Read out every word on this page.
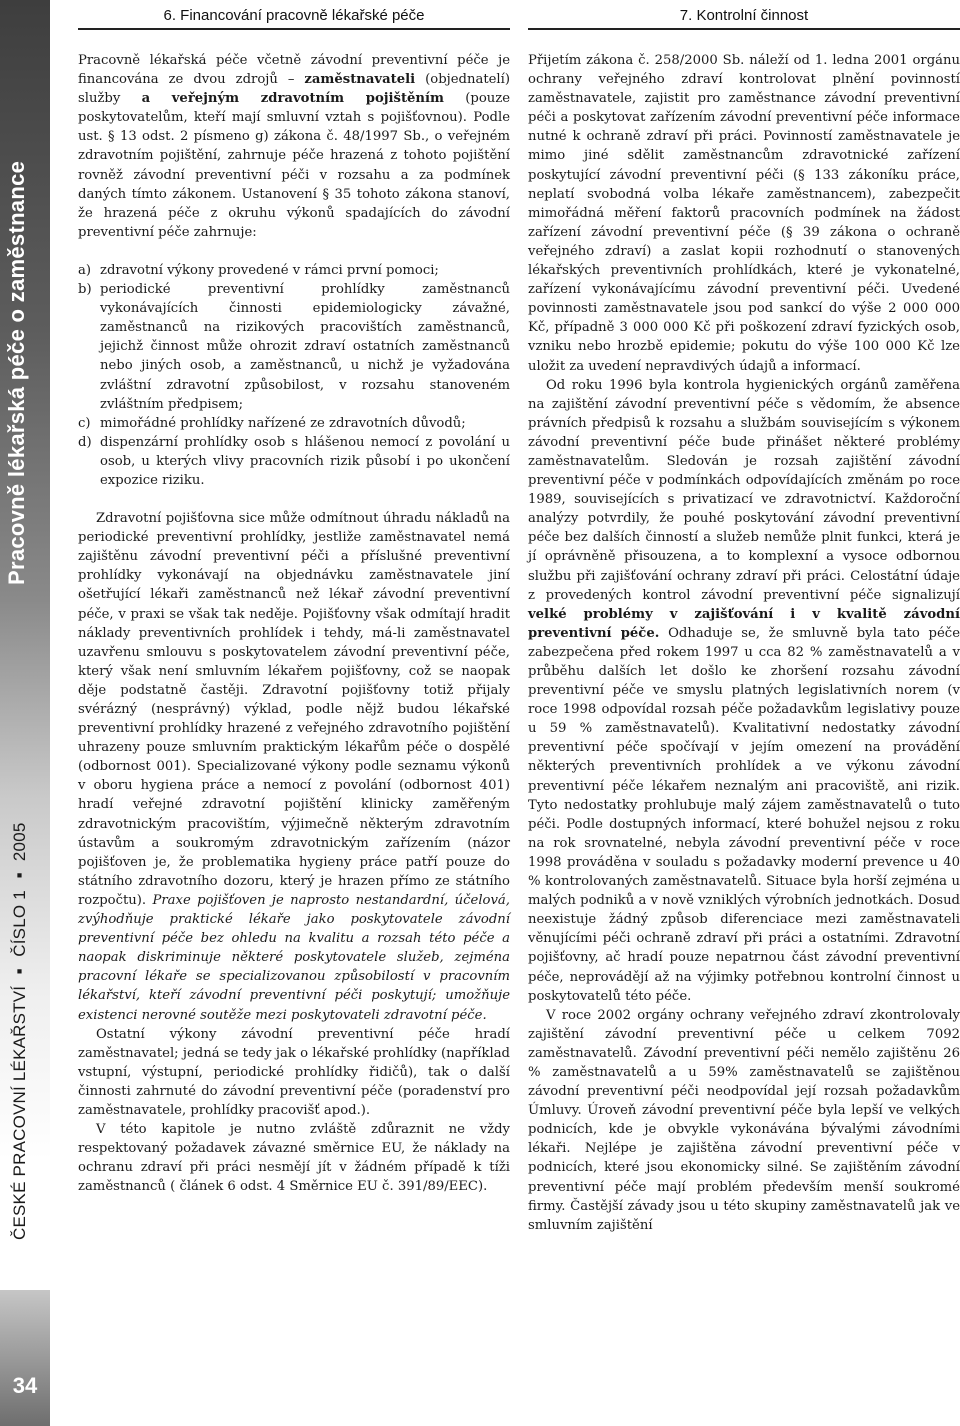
Pracovně lékařská péče o zaměstnance
ČESKÉ PRACOVNÍ LÉKAŘSTVÍ ▪ ČÍSLO 1 ▪ 2005
34
6. Financování pracovně lékařské péče

Pracovně lékařská péče včetně závodní preventivní péče je financována ze dvou zdrojů – zaměstnavateli (objednatelí) služby a veřejným zdravotním pojištěním (pouze poskytovatelům, kteří mají smluvní vztah s pojišťovnou). Podle ust. § 13 odst. 2 písmeno g) zákona č. 48/1997 Sb., o veřejném zdravotním pojištění, zahrnuje péče hrazená z tohoto pojištění rovněž závodní preventivní péči v rozsahu a za podmínek daných tímto zákonem. Ustanovení § 35 tohoto zákona stanoví, že hrazená péče z okruhu výkonů spadajících do závodní preventivní péče zahrnuje:

a) zdravotní výkony provedené v rámci první pomoci;
b) periodické preventivní prohlídky zaměstnanců vykonávajících činnosti epidemiologicky závažné, zaměstnanců na rizikových pracovištích zaměstnanců, jejichž činnost může ohrozit zdraví ostatních zaměstnanců nebo jiných osob, a zaměstnanců, u nichž je vyžadována zvláštní zdravotní způsobilost, v rozsahu stanoveném zvláštním předpisem;
c) mimořádné prohlídky nařízené ze zdravotních důvodů;
d) dispenzární prohlídky osob s hlášenou nemocí z povolání u osob, u kterých vlivy pracovních rizik působí i po ukončení expozice riziku.

Zdravotní pojišťovna sice může odmítnout úhradu nákladů na periodické preventivní prohlídky, jestliže zaměstnavatel nemá zajištěnu závodní preventivní péči a příslušné preventivní prohlídky vykonávají na objednávku zaměstnavatele jiní ošetřující lékaři zaměstnanců než lékař závodní preventivní péče, v praxi se však tak neděje. Pojišťovny však odmítají hradit náklady preventivních prohlídek i tehdy, má-li zaměstnavatel uzavřenu smlouvu s poskytovatelem závodní preventivní péče, který však není smluvním lékařem pojišťovny, což se naopak děje podstatně častěji. Zdravotní pojišťovny totiž přijaly svérázný (nesprávný) výklad, podle nějž budou lékařské preventivní prohlídky hrazené z veřejného zdravotního pojištění uhrazeny pouze smluvním praktickým lékařům péče o dospělé (odbornost 001). Specializované výkony podle seznamu výkonů v oboru hygiena práce a nemocí z povolání (odbornost 401) hradí veřejné zdravotní pojištění klinicky zaměřeným zdravotnickým pracovištím, výjimečně některým zdravotním ústavům a soukromým zdravotnickým zařízením (názor pojišťoven je, že problematika hygieny práce patří pouze do státního zdravotního dozoru, který je hrazen přímo ze státního rozpočtu). Praxe pojišťoven je naprosto nestandardní, účelová, zvýhodňuje praktické lékaře jako poskytovatele závodní preventivní péče bez ohledu na kvalitu a rozsah této péče a naopak diskriminuje některé poskytovatele služeb, zejména pracovní lékaře se specializovanou způsobilostí v pracovním lékařství, kteří závodní preventivní péči poskytují; umožňuje existenci nerovné soutěže mezi poskytovateli zdravotní péče.

Ostatní výkony závodní preventivní péče hradí zaměstnavatel; jedná se tedy jak o lékařské prohlídky (například vstupní, výstupní, periodické prohlídky řidičů), tak o další činnosti zahrnuté do závodní preventivní péče (poradenství pro zaměstnavatele, prohlídky pracovišť apod.).

V této kapitole je nutno zvláště zdůraznit ne vždy respektovaný požadavek závazné směrnice EU, že náklady na ochranu zdraví při práci nesmějí jít v žádném případě k tíži zaměstnanců ( článek 6 odst. 4 Směrnice EU č. 391/89/EEC).

7. Kontrolní činnost

Přijetím zákona č. 258/2000 Sb. náleží od 1. ledna 2001 orgánu ochrany veřejného zdraví kontrolovat plnění povinností zaměstnavatele, zajistit pro zaměstnance závodní preventivní péči a poskytovat zařízením závodní preventivní péče informace nutné k ochraně zdraví při práci. Povinností zaměstnavatele je mimo jiné sdělit zaměstnancům zdravotnické zařízení poskytující závodní preventivní péči (§ 133 zákoníku práce, neplatí svobodná volba lékaře zaměstnancem), zabezpečit mimořádná měření faktorů pracovních podmínek na žádost zařízení závodní preventivní péče (§ 39 zákona o ochraně veřejného zdraví) a zaslat kopii rozhodnutí o stanovených lékařských preventivních prohlídkách, které je vykonatelné, zařízení vykonávajícímu závodní preventivní péči. Uvedené povinnosti zaměstnavatele jsou pod sankcí do výše 2 000 000 Kč, případně 3 000 000 Kč při poškození zdraví fyzických osob, vzniku nebo hrozbě epidemie; pokutu do výše 100 000 Kč lze uložit za uvedení nepravdivých údajů a informací.

Od roku 1996 byla kontrola hygienických orgánů zaměřena na zajištění závodní preventivní péče s vědomím, že absence právních předpisů k rozsahu a službám souvisejícím s výkonem závodní preventivní péče bude přinášet některé problémy zaměstnavatelům. Sledován je rozsah zajištění závodní preventivní péče v podmínkách odpovídajících změnám po roce 1989, souvisejících s privatizací ve zdravotnictví. Každoroční analýzy potvrdily, že pouhé poskytování závodní preventivní péče bez dalších činností a služeb nemůže plnit funkci, která je jí oprávněně přisouzena, a to komplexní a vysoce odbornou službu při zajišťování ochrany zdraví při práci. Celostátní údaje z provedených kontrol závodní preventivní péče signalizují velké problémy v zajišťování i v kvalitě závodní preventivní péče. Odhaduje se, že smluvně byla tato péče zabezpečena před rokem 1997 u cca 82 % zaměstnavatelů a v průběhu dalších let došlo ke zhoršení rozsahu závodní preventivní péče ve smyslu platných legislativních norem (v roce 1998 odpovídal rozsah péče požadavkům legislativy pouze u 59 % zaměstnavatelů). Kvalitativní nedostatky závodní preventivní péče spočívají v jejím omezení na provádění některých preventivních prohlídek a ve výkonu závodní preventivní péče lékařem neznalým ani pracoviště, ani rizik. Tyto nedostatky prohlubuje malý zájem zaměstnavatelů o tuto péči. Podle dostupných informací, které bohužel nejsou z roku na rok srovnatelné, nebyla závodní preventivní péče v roce 1998 prováděna v souladu s požadavky moderní prevence u 40 % kontrolovaných zaměstnavatelů. Situace byla horší zejména u malých podniků a v nově vzniklých výrobních jednotkách. Dosud neexistuje žádný způsob diferenciace mezi zaměstnavateli věnujícími péči ochraně zdraví při práci a ostatními. Zdravotní pojišťovny, ač hradí pouze nepatrnou část závodní preventivní péče, neprovádějí až na výjimky potřebnou kontrolní činnost u poskytovatelů této péče.

V roce 2002 orgány ochrany veřejného zdraví zkontrolovaly zajištění závodní preventivní péče u celkem 7092 zaměstnavatelů. Závodní preventivní péči nemělo zajištěnu 26 % zaměstnavatelů a u 59% zaměstnavatelů se zajištěnou závodní preventivní péči neodpovídal její rozsah požadavkům Úmluvy. Úroveň závodní preventivní péče byla lepší ve velkých podnicích, kde je obvykle vykonávána bývalými závodními lékaři. Nejlépe je zajištěna závodní preventivní péče v podnicích, které jsou ekonomicky silné. Se zajištěním závodní preventivní péče mají problém především menší soukromé firmy. Častější závady jsou u této skupiny zaměstnavatelů jak ve smluvním zajištění
